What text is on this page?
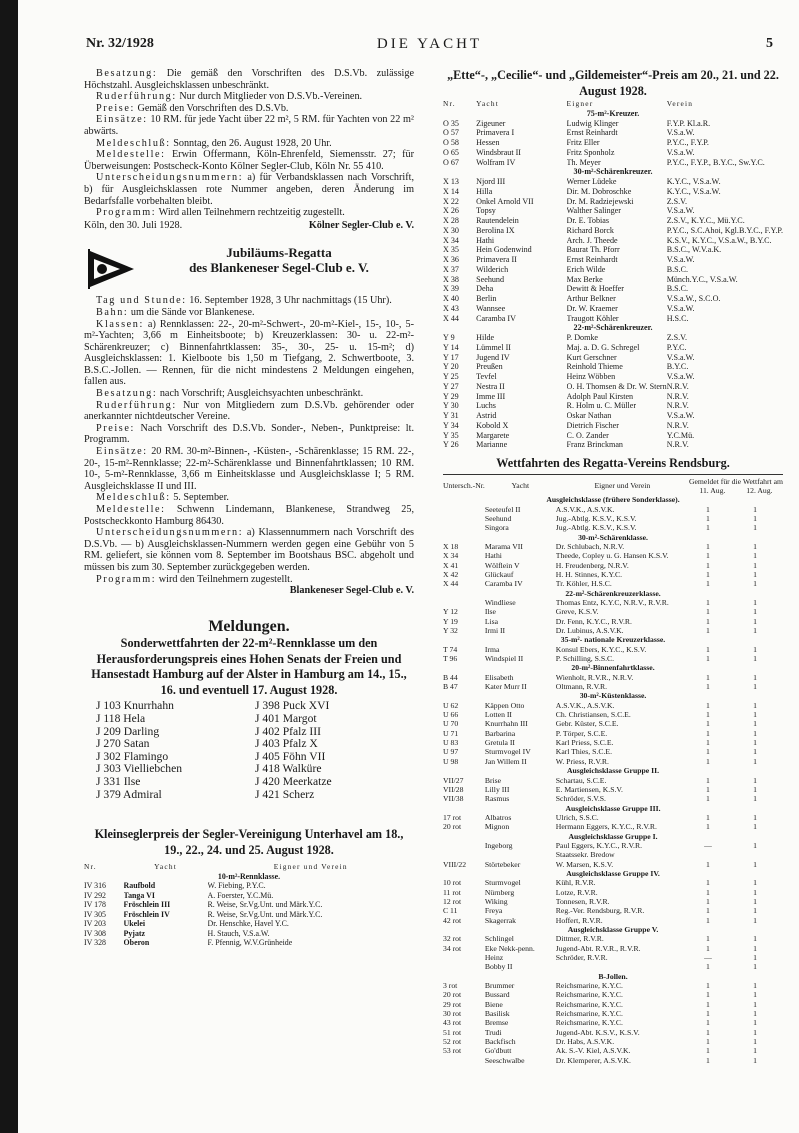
Nr. 32/1928	DIE YACHT	5

Besatzung: Die gemäß den Vorschriften des D.S.Vb. zulässige Höchstzahl. Ausgleichsklassen unbeschränkt.

Ruderführung: Nur durch Mitglieder von D.S.Vb.-Vereinen.

Preise: Gemäß den Vorschriften des D.S.Vb.

Einsätze: 10 RM. für jede Yacht über 22 m², 5 RM. für Yachten von 22 m² abwärts.

Meldeschluß: Sonntag, den 26. August 1928, 20 Uhr.

Meldestelle: Erwin Offermann, Köln-Ehrenfeld, Siemensstr. 27; für Überweisungen: Postscheck-Konto Kölner Segler-Club, Köln Nr. 55 410.

Unterscheidungsnummern: a) für Verbandsklassen nach Vorschrift, b) für Ausgleichsklassen rote Nummer angeben, deren Änderung im Bedarfsfalle vorbehalten bleibt.

Programm: Wird allen Teilnehmern rechtzeitig zugestellt.

Köln, den 30. Juli 1928.	Kölner Segler-Club e. V.

Jubiläums-Regatta
des Blankeneser Segel-Club e. V.

Tag und Stunde: 16. September 1928, 3 Uhr nachmittags (15 Uhr).

Bahn: um die Sände vor Blankenese.

Klassen: a) Rennklassen: 22-, 20-m²-Schwert-, 20-m²-Kiel-, 15-, 10-, 5-m²-Yachten; 3,66 m Einheitsboote; b) Kreuzerklassen: 30- u. 22-m²-Schärenkreuzer; c) Binnenfahrtklassen: 35-, 30-, 25- u. 15-m²; d) Ausgleichsklassen: 1. Kielboote bis 1,50 m Tiefgang, 2. Schwertboote, 3. B.S.C.-Jollen. — Rennen, für die nicht mindestens 2 Meldungen eingehen, fallen aus.

Besatzung: nach Vorschrift; Ausgleichsyachten unbeschränkt.

Ruderführung: Nur von Mitgliedern zum D.S.Vb. gehörender oder anerkannter nichtdeutscher Vereine.

Preise: Nach Vorschrift des D.S.Vb. Sonder-, Neben-, Punktpreise: lt. Programm.

Einsätze: 20 RM. 30-m²-Binnen-, -Küsten-, -Schärenklasse; 15 RM. 22-, 20-, 15-m²-Rennklasse; 22-m²-Schärenklasse und Binnenfahrtklassen; 10 RM. 10-, 5-m²-Rennklasse, 3,66 m Einheitsklasse und Ausgleichsklasse I; 5 RM. Ausgleichsklasse II und III.

Meldeschluß: 5. September.

Meldestelle: Schwenn Lindemann, Blankenese, Strandweg 25, Postscheckkonto Hamburg 86430.

Unterscheidungsnummern: a) Klassennummern nach Vorschrift des D.S.Vb. — b) Ausgleichsklassen-Nummern werden gegen eine Gebühr von 5 RM. geliefert, sie können vom 8. September im Bootshaus BSC. abgeholt und müssen bis zum 30. September zurückgegeben werden.

Programm: wird den Teilnehmern zugestellt.

Blankeneser Segel-Club e. V.

Meldungen.
Sonderwettfahrten der 22-m²-Rennklasse um den Herausforderungspreis eines Hohen Senats der Freien und Hansestadt Hamburg auf der Alster in Hamburg am 14., 15., 16. und eventuell 17. August 1928.
J 103 Knurrhahn	J 398 Puck XVI
J 118 Hela	J 401 Margot
J 209 Darling	J 402 Pfalz III
J 270 Satan	J 403 Pfalz X
J 302 Flamingo	J 405 Föhn VII
J 303 Vielliebchen	J 418 Walküre
J 331 Ilse	J 420 Meerkatze
J 379 Admiral	J 421 Scherz
Kleinseglerpreis der Segler-Vereinigung Unterhavel am 18., 19., 22., 24. und 25. August 1928.
Nr.	Yacht	Eigner und Verein
10-m²-Rennklasse.		
IV 316	Raufbold	W. Fiebing, P.Y.C.
IV 292	Tanga VI	A. Foerster, Y.C.Mü.
IV 178	Fröschlein III	R. Weise, Sr.Vg.Unt. und Märk.Y.C.
IV 305	Fröschlein IV	R. Weise, Sr.Vg.Unt. und Märk.Y.C.
IV 203	Ukelei	Dr. Henschke, Havel Y.C.
IV 308	Pyjatz	H. Stauch, V.S.a.W.
IV 328	Oberon	F. Pfennig, W.V.Grünheide
„Ette“-, „Cecilie“- und „Gildemeister“-Preis am 20., 21. und 22. August 1928.
Nr.	Yacht	Eigner	Verein
75-m²-Kreuzer.			
O 35	Zigeuner	Ludwig Klinger	F.Y.P. Kl.a.R.
O 57	Primavera I	Ernst Reinhardt	V.S.a.W.
O 58	Hessen	Fritz Eller	P.Y.C., F.Y.P.
O 65	Windsbraut II	Fritz Sponholz	V.S.a.W.
O 67	Wolfram IV	Th. Meyer	P.Y.C., F.Y.P., B.Y.C., Sw.Y.C.
30-m²-Schärenkreuzer.			
X 13	Njord III	Werner Lüdeke	K.Y.C., V.S.a.W.
X 14	Hilla	Dir. M. Dobroschke	K.Y.C., V.S.a.W.
X 22	Onkel Arnold VII	Dr. M. Radziejewski	Z.S.V.
X 26	Topsy	Walther Salinger	V.S.a.W.
X 28	Rautendelein	Dr. E. Tobias	Z.S.V., K.Y.C., Mü.Y.C.
X 30	Berolina IX	Richard Borck	P.Y.C., S.C.Ahoi, Kgl.B.Y.C., F.Y.P.
X 34	Hathi	Arch. J. Theede	K.S.V., K.Y.C., V.S.a.W., B.Y.C.
X 35	Hein Godenwind	Baurat Th. Pforr	B.S.C., W.V.a.K.
X 36	Primavera II	Ernst Reinhardt	V.S.a.W.
X 37	Wilderich	Erich Wilde	B.S.C.
X 38	Seehund	Max Berke	Münch.Y.C., V.S.a.W.
X 39	Deha	Dewitt & Hoeffer	B.S.C.
X 40	Berlin	Arthur Belkner	V.S.a.W., S.C.O.
X 43	Wannsee	Dr. W. Kraemer	V.S.a.W.
X 44	Caramba IV	Traugott Köhler	H.S.C.
22-m²-Schärenkreuzer.			
Y 9	Hilde	P. Domke	Z.S.V.
Y 14	Lümmel II	Maj. a. D. G. Schregel	P.Y.C.
Y 17	Jugend IV	Kurt Gerschner	V.S.a.W.
Y 20	Preußen	Reinhold Thieme	B.Y.C.
Y 25	Tevfel	Heinz Wöbben	V.S.a.W.
Y 27	Nestra II	O. H. Thomsen & Dr. W. Stern	N.R.V.
Y 29	Imme III	Adolph Paul Kirsten	N.R.V.
Y 30	Luchs	R. Holm u. C. Müller	N.R.V.
Y 31	Astrid	Oskar Nathan	V.S.a.W.
Y 34	Kobold X	Dietrich Fischer	N.R.V.
Y 35	Margarete	C. O. Zander	Y.C.Mü.
Y 26	Marianne	Franz Brinckman	N.R.V.
Wettfahrten des Regatta-Vereins Rendsburg.
Untersch.-Nr.	Yacht	Eigner und Verein	Gemeldet für die Wettfahrt am
11. Aug. 12. Aug.	

Ausgleichsklasse (frühere Sonderklasse).				
	Seeteufel II	A.S.V.K., A.S.V.K.	1	1
	Seehund	Jug.-Abtlg. K.S.V., K.S.V.	1	1
	Singora	Jug.-Abtlg. K.S.V., K.S.V.	1	1
30-m²-Schärenklasse.				
X 18	Marama VII	Dr. Schlubach, N.R.V.	1	1
X 34	Hathi	Theede, Copley u. G. Hansen K.S.V.	1	1
X 41	Wölflein V	H. Freudenberg, N.R.V.	1	1
X 42	Glückauf	H. H. Stinnes, K.Y.C.	1	1
X 44	Caramba IV	Tr. Köhler, H.S.C.	1	1
22-m²-Schärenkreuzerklasse.				
	Windliese	Thomas Entz, K.Y.C, N.R.V., R.V.R.	1	1
Y 12	Ilse	Greve, K.S.V.	1	1
Y 19	Lisa	Dr. Fenn, K.Y.C., R.V.R.	1	1
Y 32	Irmi II	Dr. Lubinus, A.S.V.K.	1	1
35-m²- nationale Kreuzerklasse.				
T 74	Irma	Konsul Ebers, K.Y.C., K.S.V.	1	1
T 96	Windspiel II	P. Schilling, S.S.C.	1	1
20-m²-Binnenfahrtklasse.				
B 44	Elisabeth	Wienholt, R.V.R., N.R.V.	1	1
B 47	Kater Murr II	Oltmann, R.V.R.	1	1
30-m²-Küstenklasse.				
U 62	Käppen Otto	A.S.V.K., A.S.V.K.	1	1
U 66	Lotten II	Ch. Christiansen, S.C.E.	1	1
U 70	Knurrhahn III	Gebr. Küster, S.C.E.	1	1
U 71	Barbarina	P. Törper, S.C.E.	1	1
U 83	Gretula II	Karl Priess, S.C.E.	1	1
U 97	Sturmvogel IV	Karl Thies, S.C.E.	1	1
U 98	Jan Willem II	W. Priess, R.V.R.	1	1
Ausgleichsklasse Gruppe II.				
VII/27	Brise	Schartau, S.C.E.	1	1
VII/28	Lilly III	E. Martiensen, K.S.V.	1	1
VII/38	Rasmus	Schröder, S.V.S.	1	1
Ausgleichsklasse Gruppe III.				
17 rot	Albatros	Ulrich, S.S.C.	1	1
20 rot	Mignon	Hermann Eggers, K.Y.C., R.V.R.	1	1
Ausgleichsklasse Gruppe I.				
	Ingeborg	Paul Eggers, K.Y.C., R.V.R.	—	1
		Staatssekr. Bredow		
VIII/22	Störtebeker	W. Marsen, K.S.V.	1	1
Ausgleichsklasse Gruppe IV.				
10 rot	Sturmvogel	Kühl, R.V.R.	1	1
11 rot	Nürnberg	Lotze, R.V.R.	1	1
12 rot	Wiking	Tonnesen, R.V.R.	1	1
C 11	Freya	Reg.-Ver. Rendsburg, R.V.R.	1	1
42 rot	Skagerrak	Hoffert, R.V.R.	1	1
Ausgleichsklasse Gruppe V.				
32 rot	Schlingel	Dittmer, R.V.R.	1	1
34 rot	Eke Nekk-penn.	Jugend-Abt. R.V.R., R.V.R.	1	1
	Heinz	Schröder, R.V.R.	—	1
	Bobby II		1	1
B-Jollen.				
3 rot	Brummer	Reichsmarine, K.Y.C.	1	1
20 rot	Bussard	Reichsmarine, K.Y.C.	1	1
29 rot	Biene	Reichsmarine, K.Y.C.	1	1
30 rot	Basilisk	Reichsmarine, K.Y.C.	1	1
43 rot	Bremse	Reichsmarine, K.Y.C.	1	1
51 rot	Trudi	Jugend-Abt. K.S.V., K.S.V.	1	1
52 rot	Backfisch	Dr. Habs, A.S.V.K.	1	1
53 rot	Go'dbutt	Ak. S.-V. Kiel, A.S.V.K.	1	1
	Seeschwalbe	Dr. Klemperer, A.S.V.K.	1	1
